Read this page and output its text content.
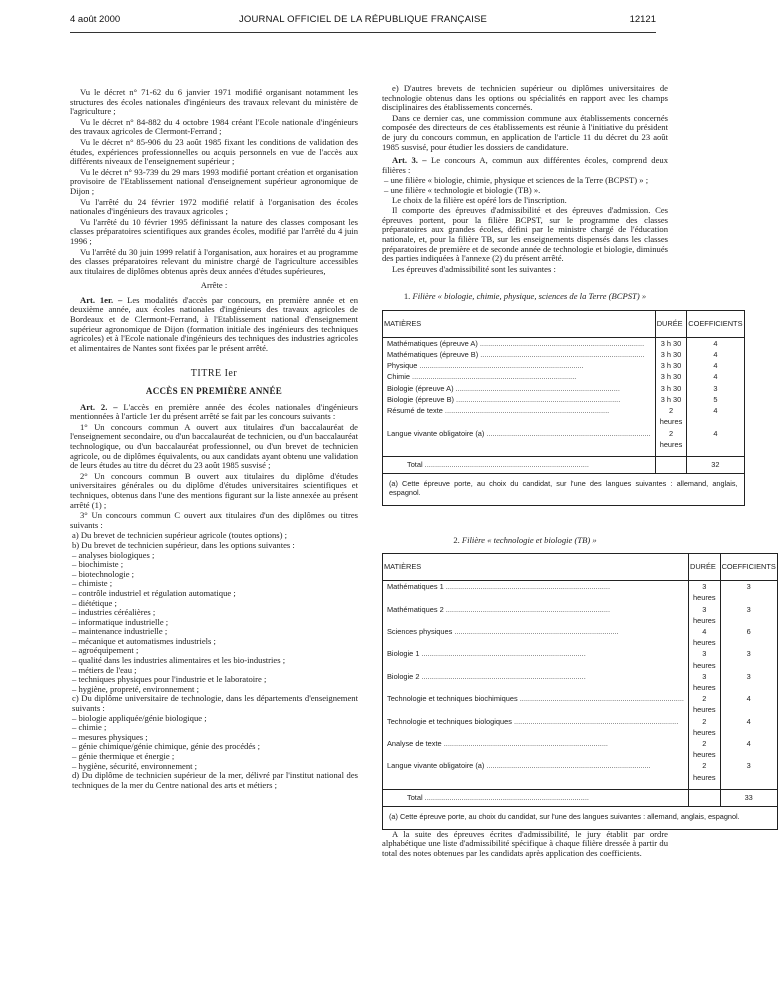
4 août 2000	JOURNAL OFFICIEL DE LA RÉPUBLIQUE FRANÇAISE	12121

Vu le décret n° 71-62 du 6 janvier 1971 modifié organisant notamment les structures des écoles nationales d'ingénieurs des travaux relevant du ministère de l'agriculture ;

Vu le décret n° 84-882 du 4 octobre 1984 créant l'Ecole nationale d'ingénieurs des travaux agricoles de Clermont-Ferrand ;

Vu le décret n° 85-906 du 23 août 1985 fixant les conditions de validation des études, expériences professionnelles ou acquis personnels en vue de l'accès aux différents niveaux de l'enseignement supérieur ;

Vu le décret n° 93-739 du 29 mars 1993 modifié portant création et organisation provisoire de l'Etablissement national d'enseignement supérieur agronomique de Dijon ;

Vu l'arrêté du 24 février 1972 modifié relatif à l'organisation des écoles nationales d'ingénieurs des travaux agricoles ;

Vu l'arrêté du 10 février 1995 définissant la nature des classes composant les classes préparatoires scientifiques aux grandes écoles, modifié par l'arrêté du 4 juin 1996 ;

Vu l'arrêté du 30 juin 1999 relatif à l'organisation, aux horaires et au programme des classes préparatoires relevant du ministre chargé de l'agriculture accessibles aux titulaires de diplômes obtenus après deux années d'études supérieures,

Arrête :

Art. 1er. – Les modalités d'accès par concours, en première année et en deuxième année, aux écoles nationales d'ingénieurs des travaux agricoles de Bordeaux et de Clermont-Ferrand, à l'Etablissement national d'enseignement supérieur agronomique de Dijon (formation initiale des ingénieurs des techniques agricoles) et à l'Ecole nationale d'ingénieurs des techniques des industries agricoles et alimentaires de Nantes sont fixées par le présent arrêté.

TITRE Ier
ACCÈS EN PREMIÈRE ANNÉE

Art. 2. – L'accès en première année des écoles nationales d'ingénieurs mentionnées à l'article 1er du présent arrêté se fait par les concours suivants :

1° Un concours commun A ouvert aux titulaires d'un baccalauréat de l'enseignement secondaire, ou d'un baccalauréat de technicien, ou d'un baccalauréat technologique, ou d'un baccalauréat professionnel, ou d'un brevet de technicien agricole, ou de diplômes équivalents, ou aux candidats ayant obtenu une validation de leurs études au titre du décret du 23 août 1985 susvisé ;

2° Un concours commun B ouvert aux titulaires du diplôme d'études universitaires générales ou du diplôme d'études universitaires scientifiques et techniques, obtenus dans l'une des mentions figurant sur la liste annexée au présent arrêté (1) ;

3° Un concours commun C ouvert aux titulaires d'un des diplômes ou titres suivants :

a) Du brevet de technicien supérieur agricole (toutes options) ;

b) Du brevet de technicien supérieur, dans les options suivantes :

– analyses biologiques ;

– biochimiste ;

– biotechnologie ;

– chimiste ;

– contrôle industriel et régulation automatique ;

– diététique ;

– industries céréalières ;

– informatique industrielle ;

– maintenance industrielle ;

– mécanique et automatismes industriels ;

– agroéquipement ;

– qualité dans les industries alimentaires et les bio-industries ;

– métiers de l'eau ;

– techniques physiques pour l'industrie et le laboratoire ;

– hygiène, propreté, environnement ;

c) Du diplôme universitaire de technologie, dans les départements d'enseignement suivants :

– biologie appliquée/génie biologique ;

– chimie ;

– mesures physiques ;

– génie chimique/génie chimique, génie des procédés ;

– génie thermique et énergie ;

– hygiène, sécurité, environnement ;

d) Du diplôme de technicien supérieur de la mer, délivré par l'institut national des techniques de la mer du Centre national des arts et métiers ;

e) D'autres brevets de technicien supérieur ou diplômes universitaires de technologie obtenus dans les options ou spécialités en rapport avec les champs disciplinaires des établissements concernés.

Dans ce dernier cas, une commission commune aux établissements concernés composée des directeurs de ces établissements est réunie à l'initiative du président de jury du concours commun, en application de l'article 11 du décret du 23 août 1985 susvisé, pour étudier les dossiers de candidature.

Art. 3. – Le concours A, commun aux différentes écoles, comprend deux filières :

– une filière « biologie, chimie, physique et sciences de la Terre (BCPST) » ;

– une filière « technologie et biologie (TB) ».

Le choix de la filière est opéré lors de l'inscription.

Il comporte des épreuves d'admissibilité et des épreuves d'admission. Ces épreuves portent, pour la filière BCPST, sur le programme des classes préparatoires aux grandes écoles, défini par le ministre chargé de l'éducation nationale, et, pour la filière TB, sur les enseignements dispensés dans les classes préparatoires de première et de seconde année de technologie et biologie, diminués des parties indiquées à l'annexe (2) du présent arrêté.

Les épreuves d'admissibilité sont les suivantes :

1. Filière « biologie, chimie, physique, sciences de la Terre (BCPST) »
MATIÈRES	DURÉE	COEFFICIENTS

Mathématiques (épreuve A) .....	3 h 30	4

Mathématiques (épreuve B) .....	3 h 30	4

Physique .....	3 h 30	4

Chimie .....	3 h 30	4

Biologie (épreuve A) .....	3 h 30	3

Biologie (épreuve B) .....	3 h 30	5

Résumé de texte .....	2 heures	4

Langue vivante obligatoire (a) .....	2 heures	4

Total .....		32
(a) Cette épreuve porte, au choix du candidat, sur l'une des langues suivantes : allemand, anglais, espagnol.		
2. Filière « technologie et biologie (TB) »
MATIÈRES	DURÉE	COEFFICIENTS

Mathématiques 1 .....	3 heures	3

Mathématiques 2 .....	3 heures	3

Sciences physiques .....	4 heures	6

Biologie 1 .....	3 heures	3

Biologie 2 .....	3 heures	3

Technologie et techniques biochimiques .....	2 heures	4

Technologie et techniques biologiques .....	2 heures	4

Analyse de texte .....	2 heures	4

Langue vivante obligatoire (a) .....	2 heures	3

Total .....		33
(a) Cette épreuve porte, au choix du candidat, sur l'une des langues suivantes : allemand, anglais, espagnol.		

A la suite des épreuves écrites d'admissibilité, le jury établit par ordre alphabétique une liste d'admissibilité spécifique à chaque filière dressée à partir du total des notes obtenues par les candidats après application des coefficients.
